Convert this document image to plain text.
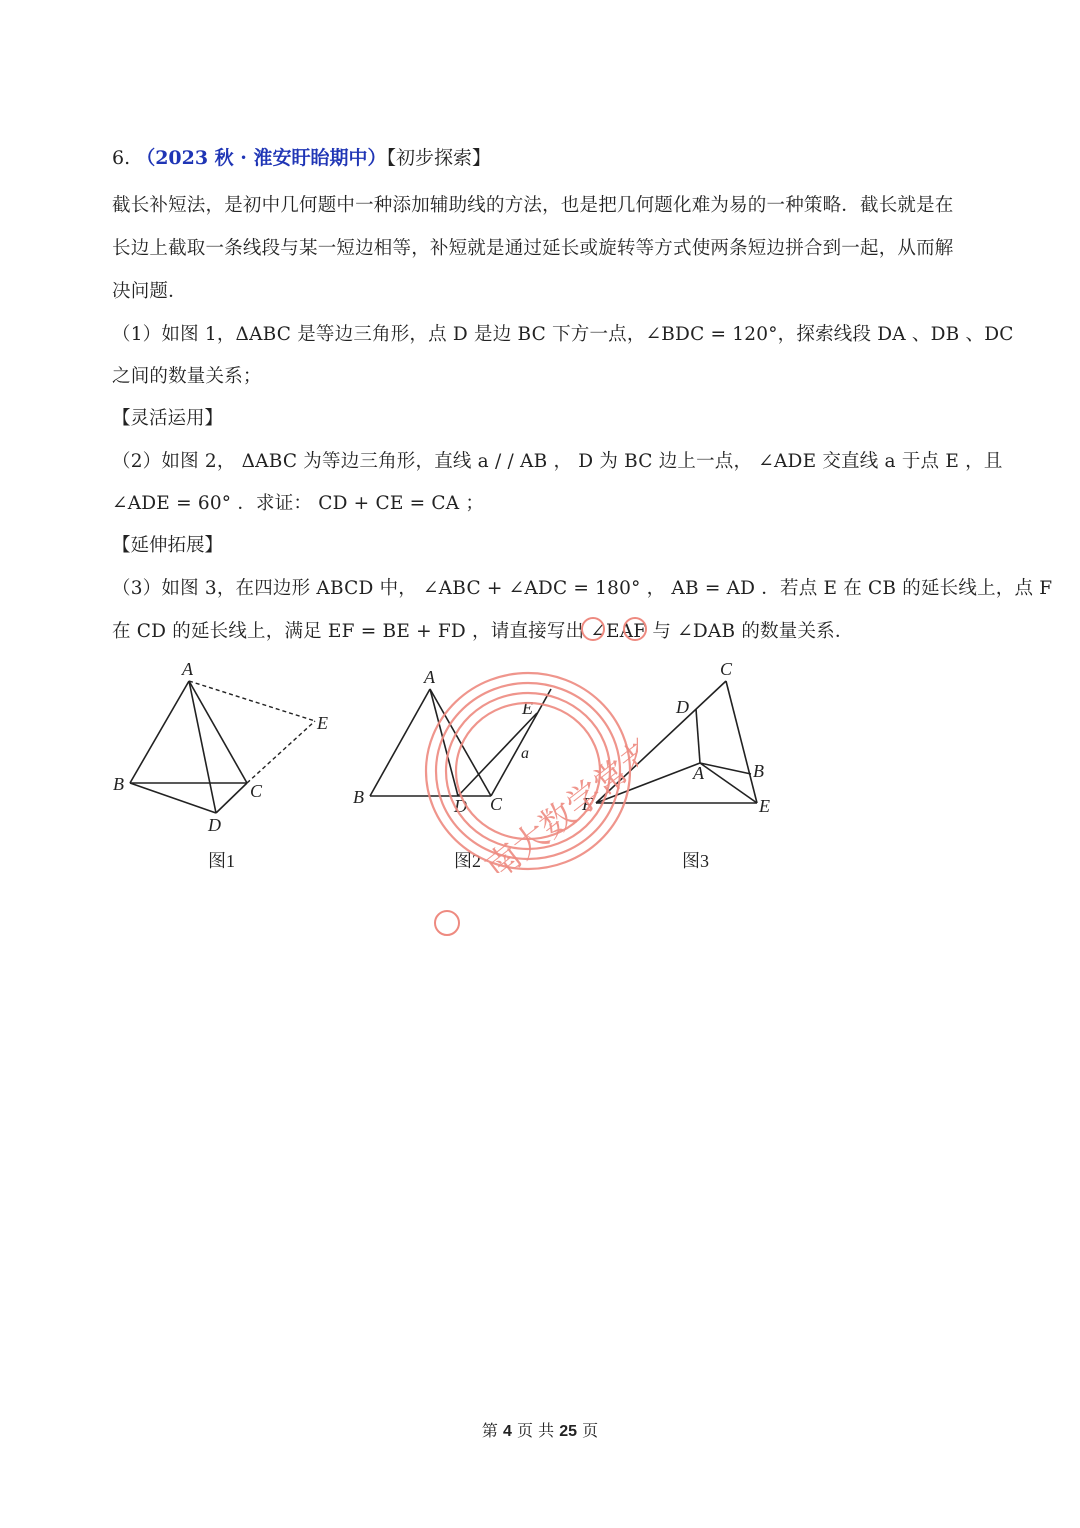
6. （2023 秋 · 淮安盱眙期中）【初步探索】
截长补短法，是初中几何题中一种添加辅助线的方法，也是把几何题化难为易的一种策略．截长就是在
长边上截取一条线段与某一短边相等，补短就是通过延长或旋转等方式使两条短边拼合到一起，从而解
决问题．
（1）如图 1，ΔABC 是等边三角形，点 D 是边 BC 下方一点，∠BDC = 120°，探索线段 DA 、DB 、DC
之间的数量关系；
【灵活运用】
（2）如图 2， ΔABC 为等边三角形，直线 a / / AB ， D 为 BC 边上一点， ∠ADE 交直线 a 于点 E ，且
∠ADE = 60° ．求证： CD + CE = CA ；
【延伸拓展】
（3）如图 3，在四边形 ABCD 中， ∠ABC + ∠ADC = 180° ， AB = AD ．若点 E 在 CB 的延长线上，点 F
在 CD 的延长线上，满足 EF = BE + FD ，请直接写出 ∠EAF 与 ∠DAB 的数量关系．
A
B	C
D
E
图1
A
B	C
D
E
a
图2
C
D
A	B
F	E
图3
南大数学常老师
第 4 页 共 25 页
